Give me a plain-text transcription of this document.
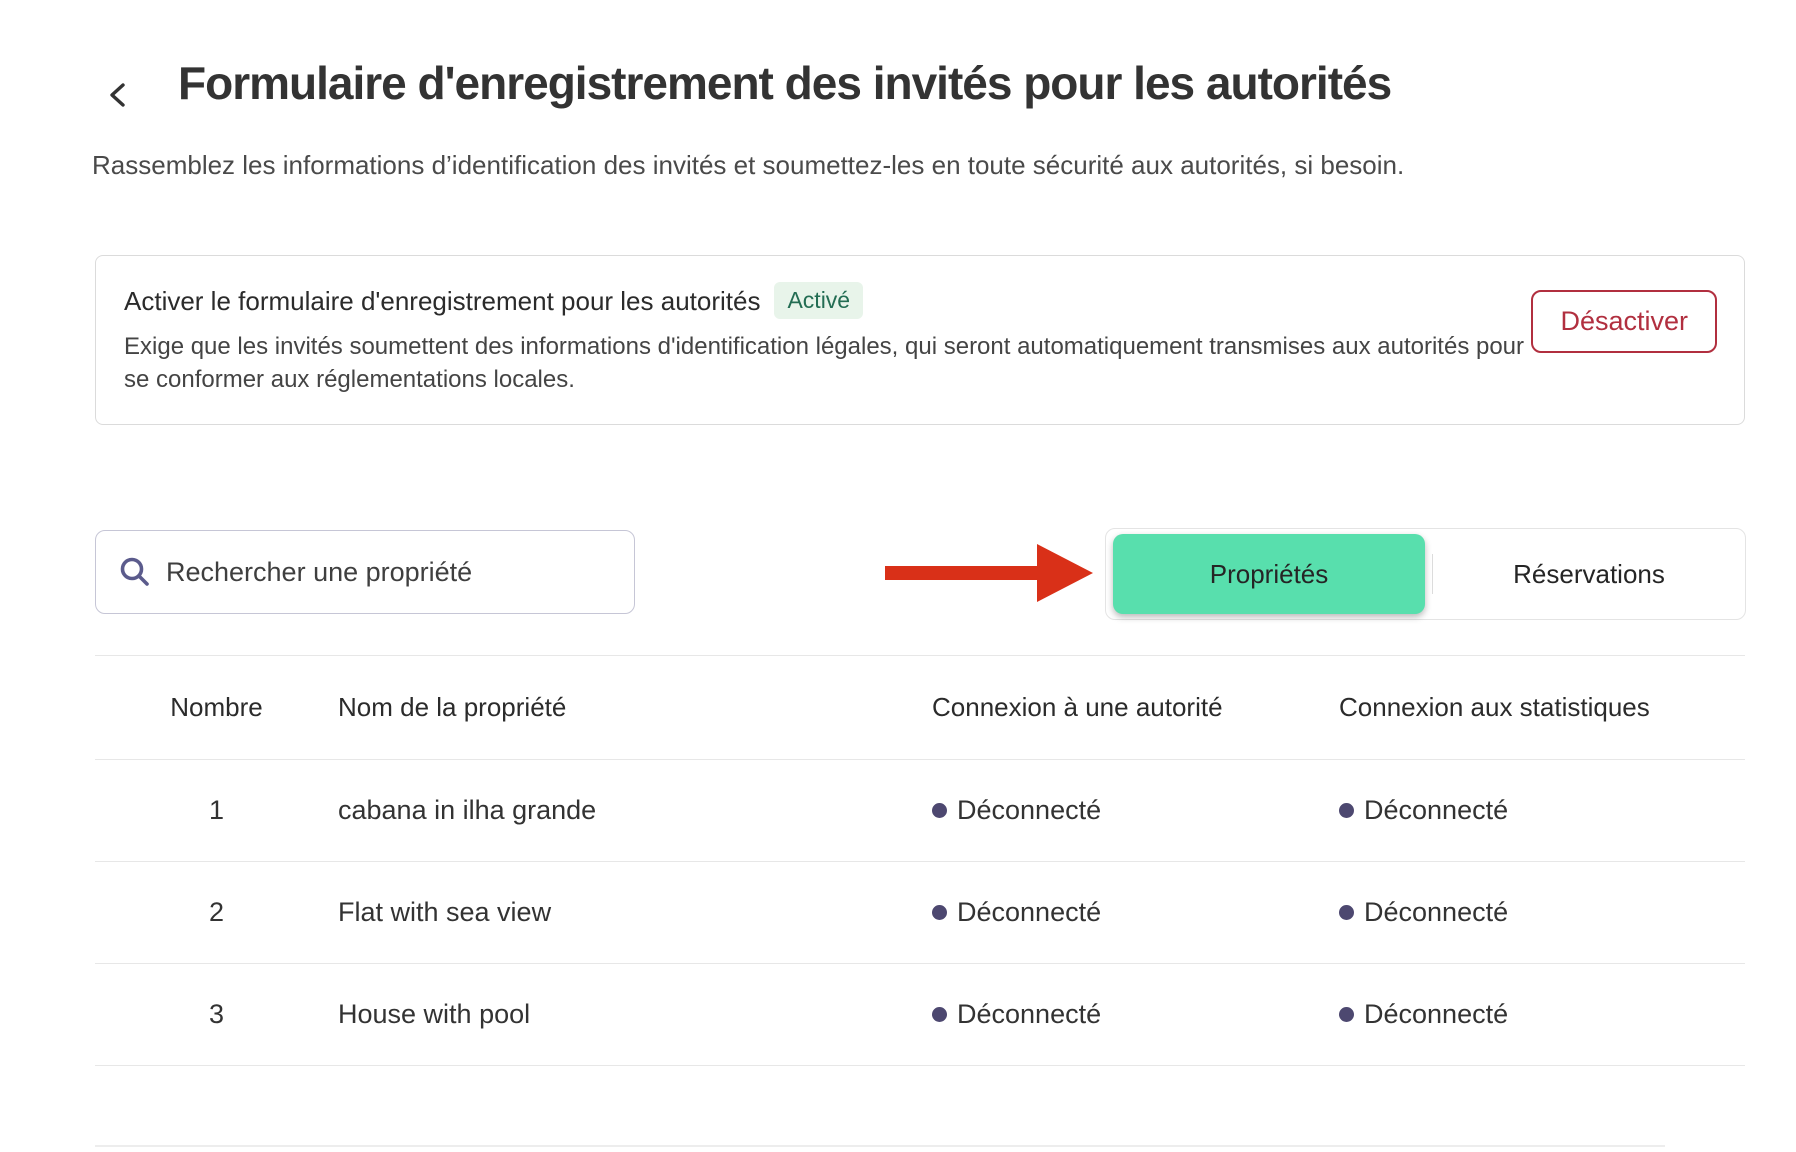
Formulaire d'enregistrement des invités pour les autorités
Rassemblez les informations d’identification des invités et soumettez-les en toute sécurité aux autorités, si besoin.
Activer le formulaire d'enregistrement pour les autorités	Activé

Exige que les invités soumettent des informations d'identification légales, qui seront automatiquement transmises aux autorités pour se conformer aux réglementations locales.

Désactiver
Rechercher une propriété
Propriétés	Réservations
Nombre	Nom de la propriété	Connexion à une autorité	Connexion aux statistiques
1	cabana in ilha grande	Déconnecté	Déconnecté
2	Flat with sea view	Déconnecté	Déconnecté
3	House with pool	Déconnecté	Déconnecté
